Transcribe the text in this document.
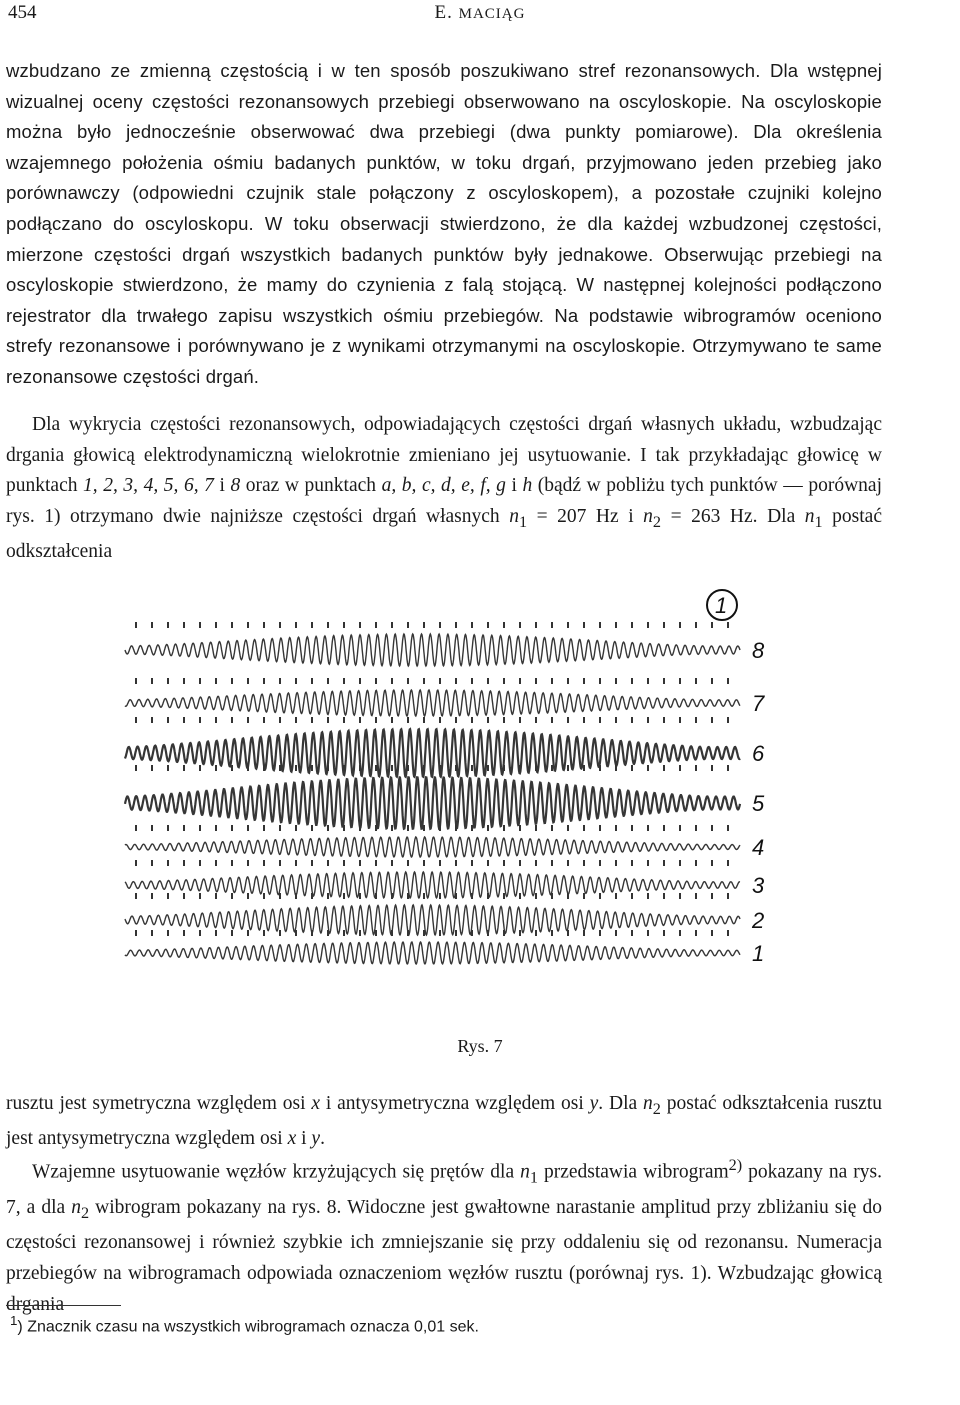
454	E. MACIĄG

wzbudzano ze zmienną częstością i w ten sposób poszukiwano stref rezonansowych. Dla wstępnej wizualnej oceny częstości rezonansowych przebiegi obserwowano na oscyloskopie. Na oscyloskopie można było jednocześnie obserwować dwa przebiegi (dwa punkty pomiarowe). Dla określenia wzajemnego położenia ośmiu badanych punktów, w toku drgań, przyjmowano jeden przebieg jako porównawczy (odpowiedni czujnik stale połączony z oscyloskopem), a pozostałe czujniki kolejno podłączano do oscyloskopu. W toku obserwacji stwierdzono, że dla każdej wzbudzonej częstości, mierzone częstości drgań wszystkich badanych punktów były jednakowe. Obserwując przebiegi na oscyloskopie stwierdzono, że mamy do czynienia z falą stojącą. W następnej kolejności podłączono rejestrator dla trwałego zapisu wszystkich ośmiu przebiegów. Na podstawie wibrogramów oceniono strefy rezonansowe i porównywano je z wynikami otrzymanymi na oscyloskopie. Otrzymywano te same rezonansowe częstości drgań.

Dla wykrycia częstości rezonansowych, odpowiadających częstości drgań własnych układu, wzbudzając drgania głowicą elektrodynamiczną wielokrotnie zmieniano jej usytuowanie. I tak przykładając głowicę w punktach 1, 2, 3, 4, 5, 6, 7 i 8 oraz w punktach a, b, c, d, e, f, g i h (bądź w pobliżu tych punktów — porównaj rys. 1) otrzymano dwie najniższe częstości drgań własnych $n_1 = 207$ Hz i $n_2 = 263$ Hz. Dla $n_1$ postać odkształcenia

8
7
6
5
4
3
2
1
1
Rys. 7

rusztu jest symetryczna względem osi x i antysymetryczna względem osi y. Dla $n_2$ postać odkształcenia rusztu jest antysymetryczna względem osi x i y.

Wzajemne usytuowanie węzłów krzyżujących się prętów dla $n_1$ przedstawia wibrogram$^{2)}$ pokazany na rys. 7, a dla $n_2$ wibrogram pokazany na rys. 8. Widoczne jest gwałtowne narastanie amplitud przy zbliżaniu się do częstości rezonansowej i również szybkie ich zmniejszanie się przy oddaleniu się od rezonansu. Numeracja przebiegów na wibrogramach odpowiada oznaczeniom węzłów rusztu (porównaj rys. 1). Wzbudzając głowicą drgania

$^1$) Znacznik czasu na wszystkich wibrogramach oznacza 0,01 sek.
